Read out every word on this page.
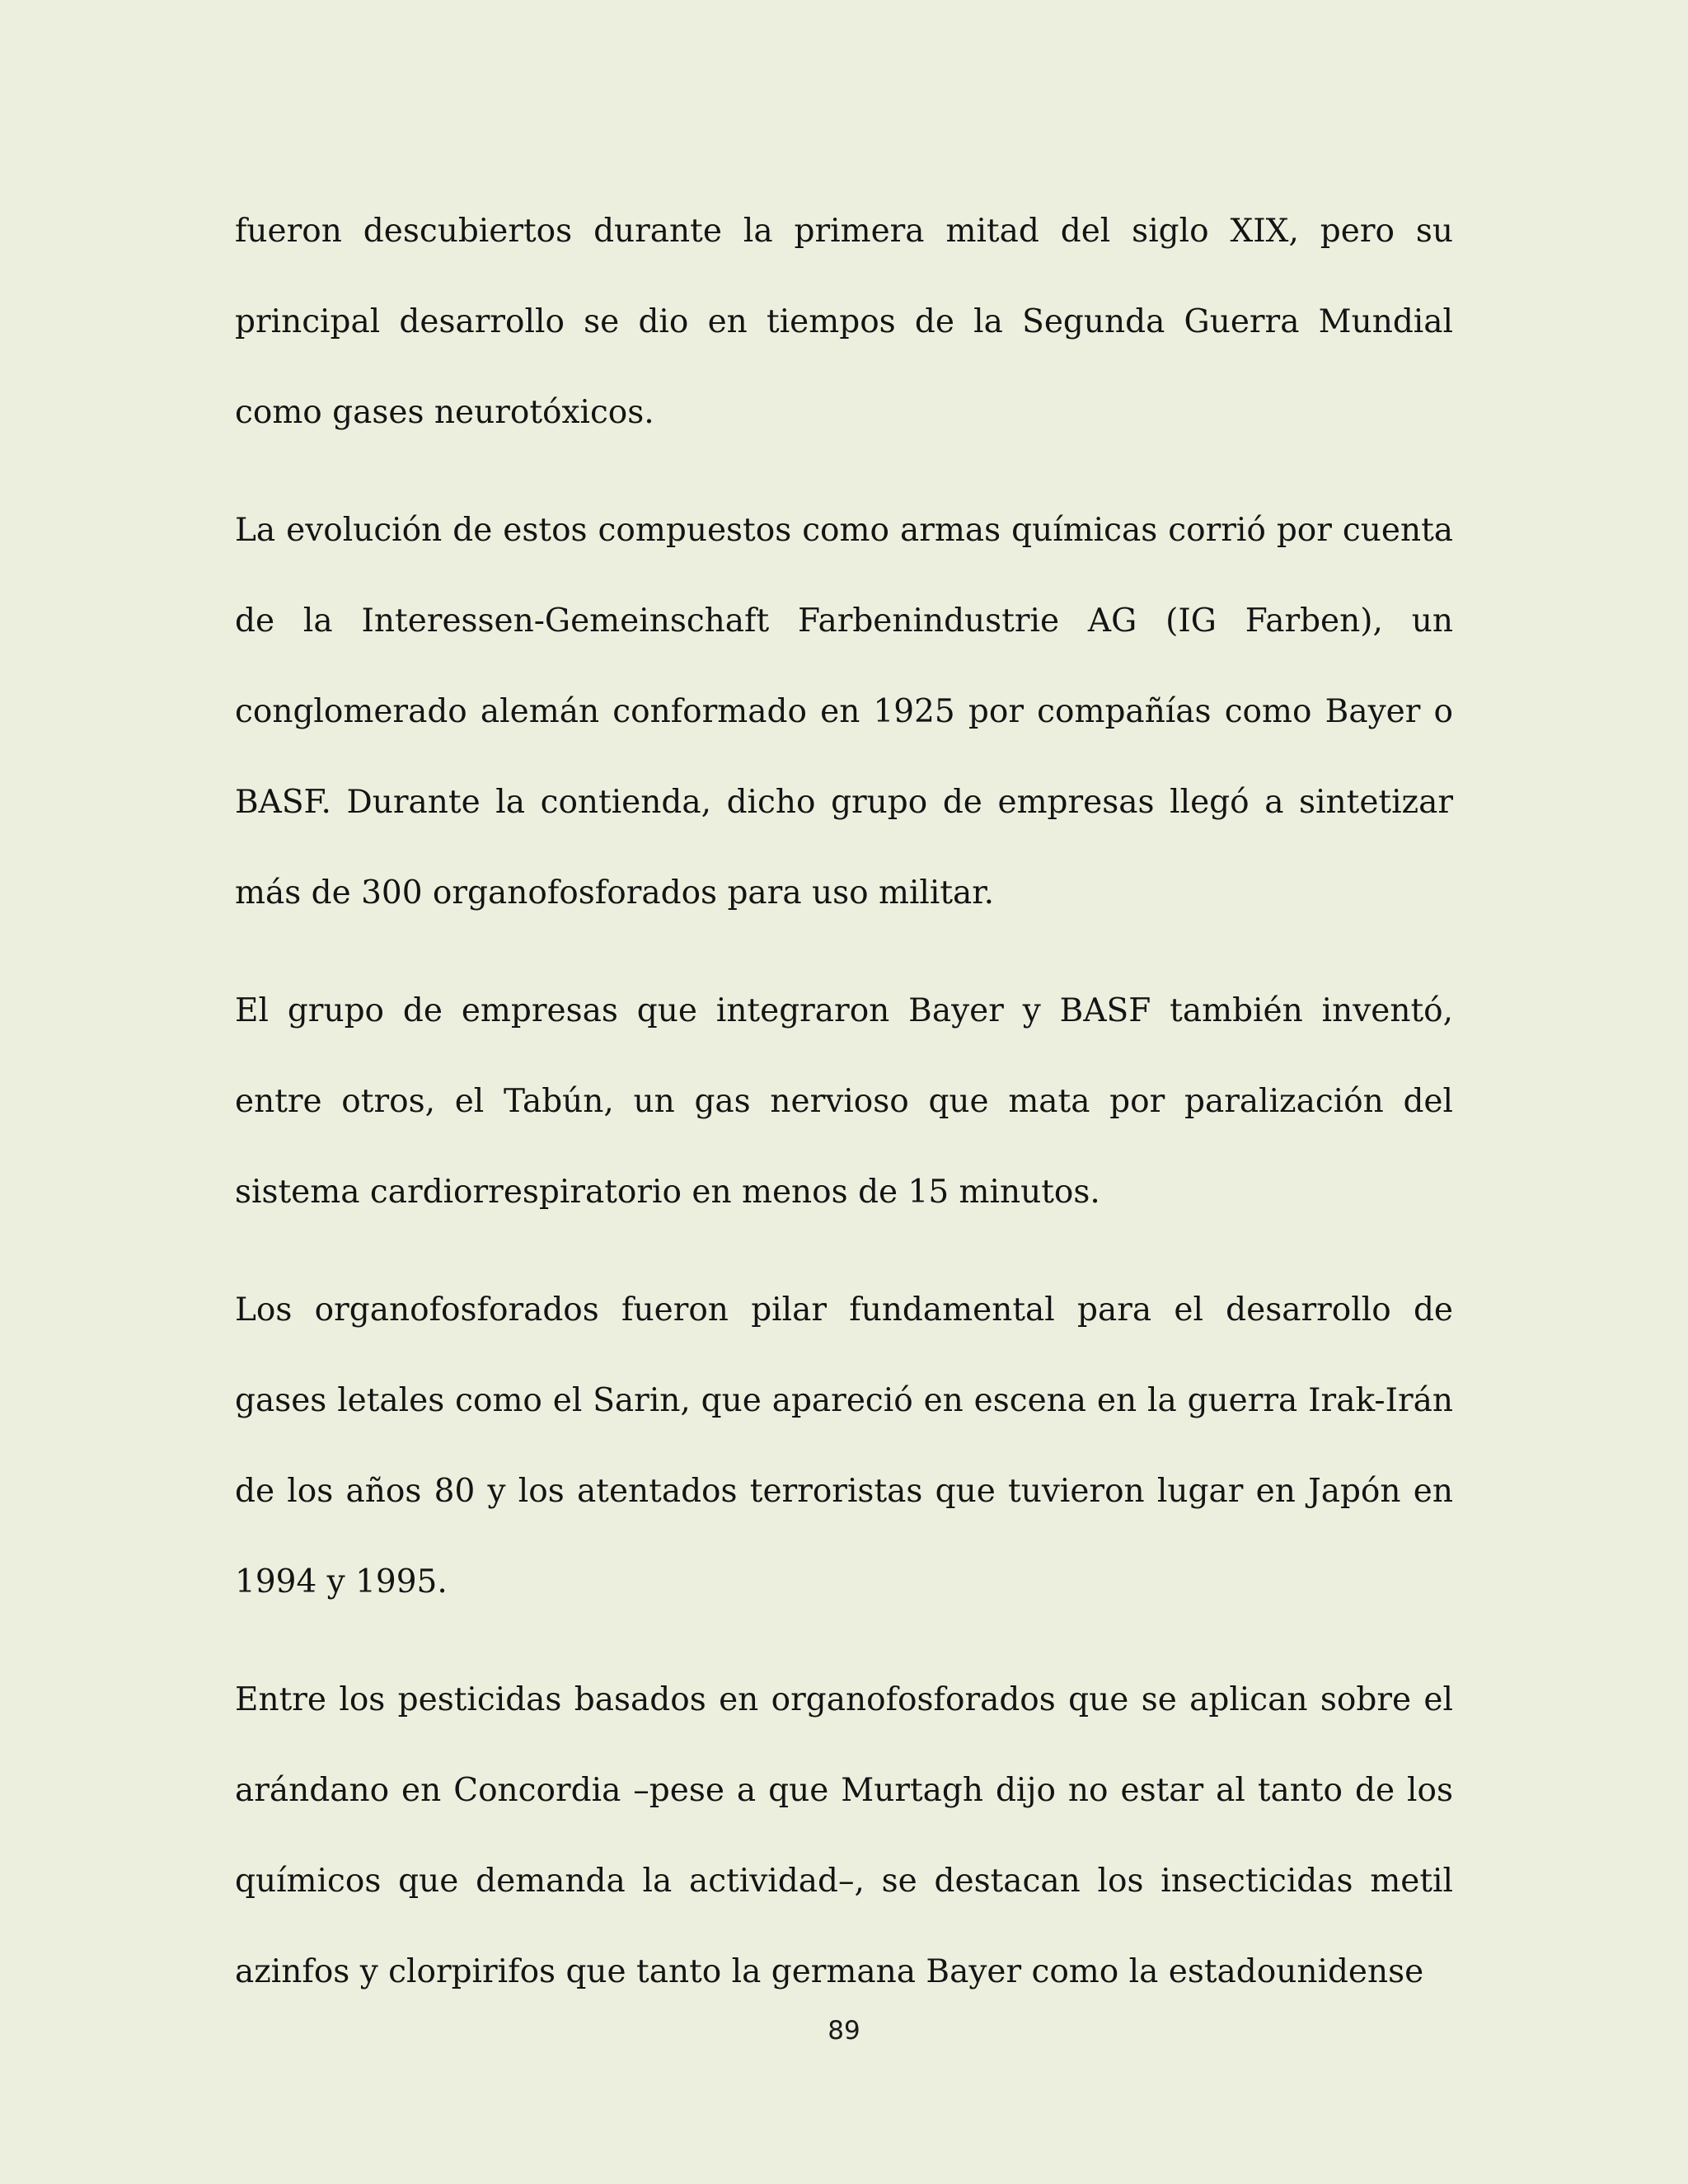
fueron descubiertos durante la primera mitad del siglo XIX, pero su principal desarrollo se dio en tiempos de la Segunda Guerra Mundial como gases neurotóxicos.

La evolución de estos compuestos como armas químicas corrió por cuenta de la Interessen-Gemeinschaft Farbenindustrie AG (IG Farben), un conglomerado alemán conformado en 1925 por compañías como Bayer o BASF. Durante la contienda, dicho grupo de empresas llegó a sintetizar más de 300 organofosforados para uso militar.

El grupo de empresas que integraron Bayer y BASF también inventó, entre otros, el Tabún, un gas nervioso que mata por paralización del sistema cardiorrespiratorio en menos de 15 minutos.

Los organofosforados fueron pilar fundamental para el desarrollo de gases letales como el Sarin, que apareció en escena en la guerra Irak-Irán de los años 80 y los atentados terroristas que tuvieron lugar en Japón en 1994 y 1995.

Entre los pesticidas basados en organofosforados que se aplican sobre el arándano en Concordia –pese a que Murtagh dijo no estar al tanto de los químicos que demanda la actividad–, se destacan los insecticidas metil azinfos y clorpirifos que tanto la germana Bayer como la estadounidense

89
